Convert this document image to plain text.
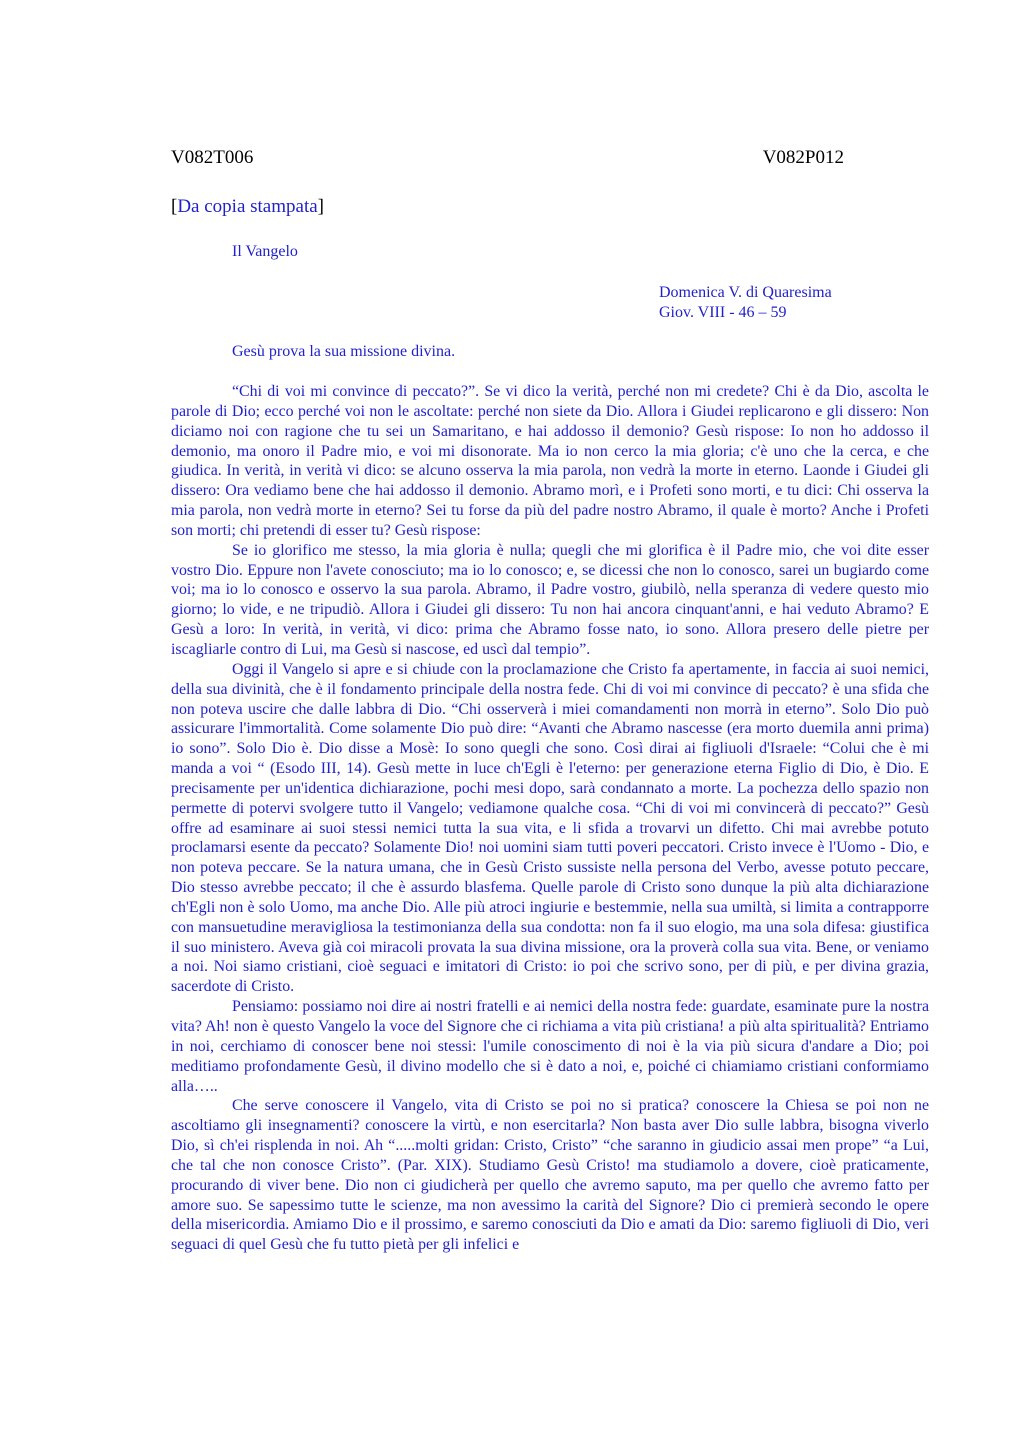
V082T006	V082P012
[Da copia stampata]
Il Vangelo
Domenica V. di Quaresima
Giov. VIII - 46 – 59
Gesù prova la sua missione divina.

“Chi di voi mi convince di peccato?”. Se vi dico la verità, perché non mi credete? Chi è da Dio, ascolta le parole di Dio; ecco perché voi non le ascoltate: perché non siete da Dio. Allora i Giudei replicarono e gli dissero: Non diciamo noi con ragione che tu sei un Samaritano, e hai addosso il demonio? Gesù rispose: Io non ho addosso il demonio, ma onoro il Padre mio, e voi mi disonorate. Ma io non cerco la mia gloria; c'è uno che la cerca, e che giudica. In verità, in verità vi dico: se alcuno osserva la mia parola, non vedrà la morte in eterno. Laonde i Giudei gli dissero: Ora vediamo bene che hai addosso il demonio. Abramo morì, e i Profeti sono morti, e tu dici: Chi osserva la mia parola, non vedrà morte in eterno? Sei tu forse da più del padre nostro Abramo, il quale è morto? Anche i Profeti son morti; chi pretendi di esser tu? Gesù rispose:

Se io glorifico me stesso, la mia gloria è nulla; quegli che mi glorifica è il Padre mio, che voi dite esser vostro Dio. Eppure non l'avete conosciuto; ma io lo conosco; e, se dicessi che non lo conosco, sarei un bugiardo come voi; ma io lo conosco e osservo la sua parola. Abramo, il Padre vostro, giubilò, nella speranza di vedere questo mio giorno; lo vide, e ne tripudiò. Allora i Giudei gli dissero: Tu non hai ancora cinquant'anni, e hai veduto Abramo? E Gesù a loro: In verità, in verità, vi dico: prima che Abramo fosse nato, io sono. Allora presero delle pietre per iscagliarle contro di Lui, ma Gesù si nascose, ed uscì dal tempio”.

Oggi il Vangelo si apre e si chiude con la proclamazione che Cristo fa apertamente, in faccia ai suoi nemici, della sua divinità, che è il fondamento principale della nostra fede. Chi di voi mi convince di peccato? è una sfida che non poteva uscire che dalle labbra di Dio. “Chi osserverà i miei comandamenti non morrà in eterno”. Solo Dio può assicurare l'immortalità. Come solamente Dio può dire: “Avanti che Abramo nascesse (era morto duemila anni prima) io sono”. Solo Dio è. Dio disse a Mosè: Io sono quegli che sono. Così dirai ai figliuoli d'Israele: “Colui che è mi manda a voi “ (Esodo III, 14). Gesù mette in luce ch'Egli è l'eterno: per generazione eterna Figlio di Dio, è Dio. E precisamente per un'identica dichiarazione, pochi mesi dopo, sarà condannato a morte. La pochezza dello spazio non permette di potervi svolgere tutto il Vangelo; vediamone qualche cosa. “Chi di voi mi convincerà di peccato?” Gesù offre ad esaminare ai suoi stessi nemici tutta la sua vita, e li sfida a trovarvi un difetto. Chi mai avrebbe potuto proclamarsi esente da peccato? Solamente Dio! noi uomini siam tutti poveri peccatori. Cristo invece è l'Uomo - Dio, e non poteva peccare. Se la natura umana, che in Gesù Cristo sussiste nella persona del Verbo, avesse potuto peccare, Dio stesso avrebbe peccato; il che è assurdo blasfema. Quelle parole di Cristo sono dunque la più alta dichiarazione ch'Egli non è solo Uomo, ma anche Dio. Alle più atroci ingiurie e bestemmie, nella sua umiltà, si limita a contrapporre con mansuetudine meravigliosa la testimonianza della sua condotta: non fa il suo elogio, ma una sola difesa: giustifica il suo ministero. Aveva già coi miracoli provata la sua divina missione, ora la proverà colla sua vita. Bene, or veniamo a noi. Noi siamo cristiani, cioè seguaci e imitatori di Cristo: io poi che scrivo sono, per di più, e per divina grazia, sacerdote di Cristo.

Pensiamo: possiamo noi dire ai nostri fratelli e ai nemici della nostra fede: guardate, esaminate pure la nostra vita? Ah! non è questo Vangelo la voce del Signore che ci richiama a vita più cristiana! a più alta spiritualità? Entriamo in noi, cerchiamo di conoscer bene noi stessi: l'umile conoscimento di noi è la via più sicura d'andare a Dio; poi meditiamo profondamente Gesù, il divino modello che si è dato a noi, e, poiché ci chiamiamo cristiani conformiamo alla…..

Che serve conoscere il Vangelo, vita di Cristo se poi no si pratica? conoscere la Chiesa se poi non ne ascoltiamo gli insegnamenti? conoscere la virtù, e non esercitarla? Non basta aver Dio sulle labbra, bisogna viverlo Dio, sì ch'ei risplenda in noi. Ah “.....molti gridan: Cristo, Cristo” “che saranno in giudicio assai men prope” “a Lui, che tal che non conosce Cristo”. (Par. XIX). Studiamo Gesù Cristo! ma studiamolo a dovere, cioè praticamente, procurando di viver bene. Dio non ci giudicherà per quello che avremo saputo, ma per quello che avremo fatto per amore suo. Se sapessimo tutte le scienze, ma non avessimo la carità del Signore? Dio ci premierà secondo le opere della misericordia. Amiamo Dio e il prossimo, e saremo conosciuti da Dio e amati da Dio: saremo figliuoli di Dio, veri seguaci di quel Gesù che fu tutto pietà per gli infelici e
